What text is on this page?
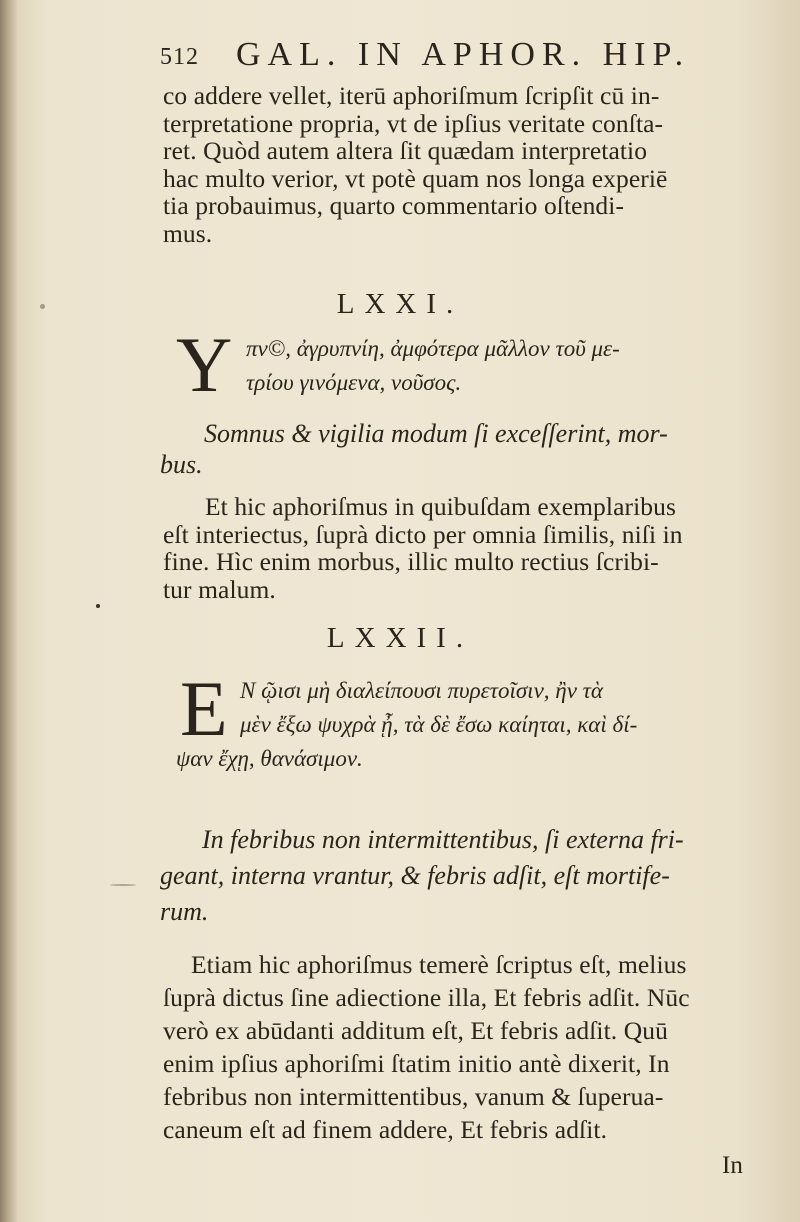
512 GAL. IN APHOR. HIP.
co addere vellet, iterū aphoriſmum ſcripſit cū in-
terpretatione propria, vt de ipſius veritate conſta-
ret. Quòd autem altera ſit quædam interpretatio
hac multo verior, vt potè quam nos longa experiē
tia probauimus, quarto commentario oſtendi-
mus.
LXXI.
Υ πν©, ἀγρυπνίη, ἀμφότερα μᾶλλον τοῦ με-
τρίου γινόμενα, νοῦσος.
Somnus & vigilia modum ſi exceſſerint, mor-
bus.
Et hic aphoriſmus in quibuſdam exemplaribus
eſt interiectus, ſuprà dicto per omnia ſimilis, niſi in
fine. Hìc enim morbus, illic multo rectius ſcribi-
tur malum.
LXXII.
Ε N ῷισι μὴ διαλείπουσι πυρετοῖσιν, ἢν τὰ
μὲν ἔξω ψυχρὰ ᾖ, τὰ δὲ ἔσω καίηται, καὶ δί-
ψαν ἔχῃ, θανάσιμον.
In febribus non intermittentibus, ſi externa fri-
geant, interna vrantur, & febris adſit, eſt mortife-
rum.
Etiam hic aphoriſmus temerè ſcriptus eſt, melius
ſuprà dictus ſine adiectione illa, Et febris adſit. Nūc
verò ex abūdanti additum eſt, Et febris adſit. Quū
enim ipſius aphoriſmi ſtatim initio antè dixerit, In
febribus non intermittentibus, vanum & ſuperua-
caneum eſt ad finem addere, Et febris adſit.
In
